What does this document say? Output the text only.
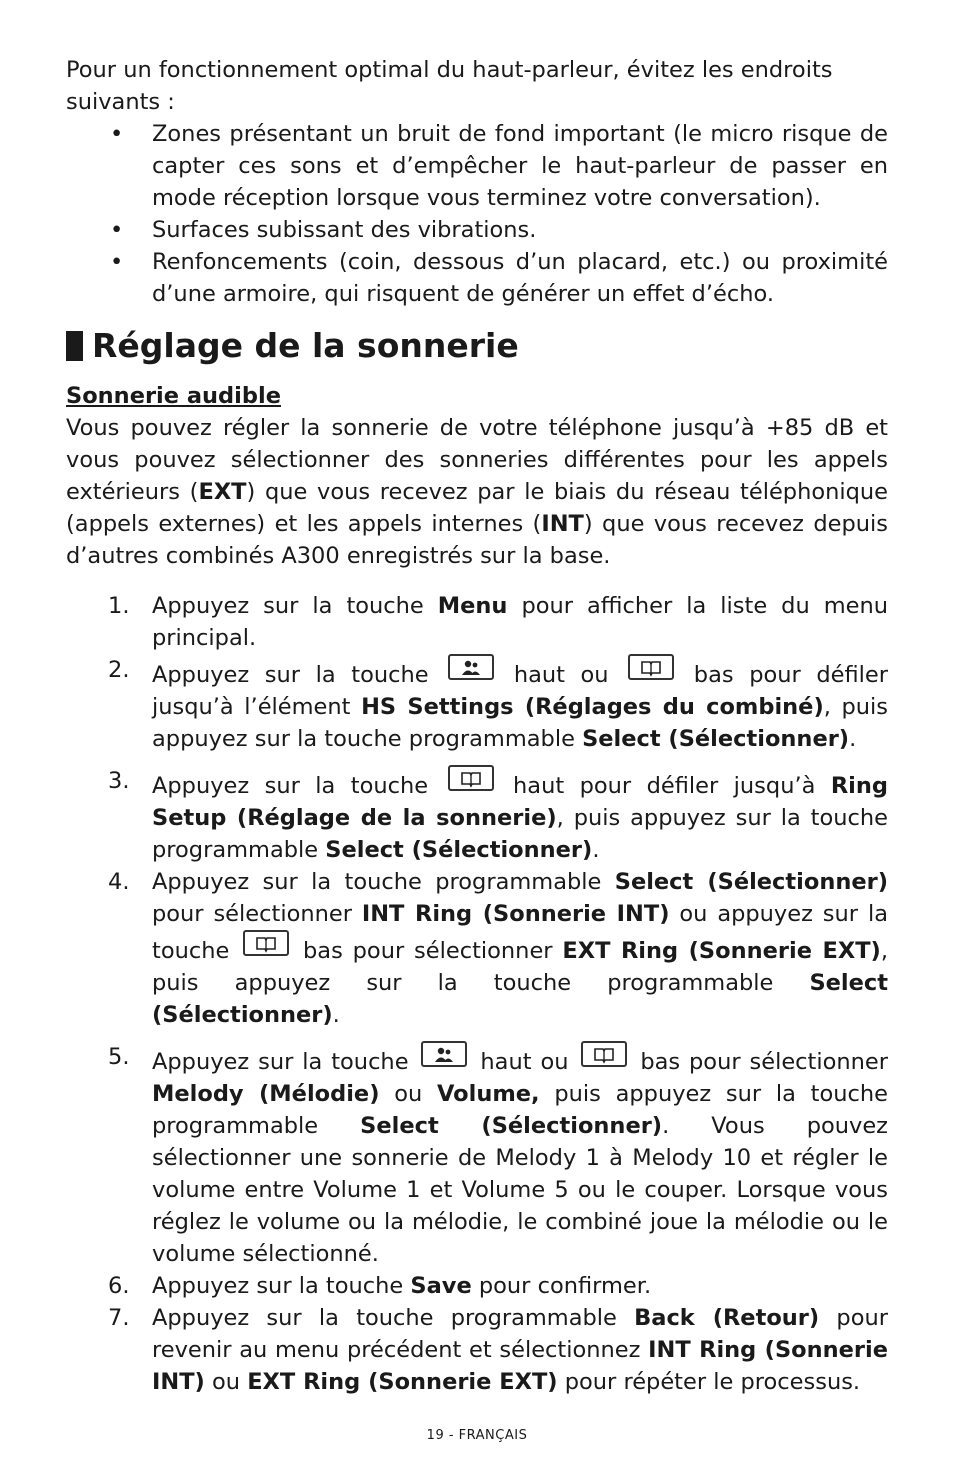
Pour un fonctionnement optimal du haut-parleur, évitez les endroits suivants :

• Zones présentant un bruit de fond important (le micro risque de capter ces sons et d’empêcher le haut-parleur de passer en mode réception lorsque vous terminez votre conversation).
• Surfaces subissant des vibrations.
• Renfoncements (coin, dessous d’un placard, etc.) ou proximité d’une armoire, qui risquent de générer un effet d’écho.
Réglage de la sonnerie

Sonnerie audible

Vous pouvez régler la sonnerie de votre téléphone jusqu’à +85 dB et vous pouvez sélectionner des sonneries différentes pour les appels extérieurs (EXT) que vous recevez par le biais du réseau téléphonique (appels externes) et les appels internes (INT) que vous recevez depuis d’autres combinés A300 enregistrés sur la base.

1. Appuyez sur la touche Menu pour afficher la liste du menu principal.
2. Appuyez sur la touche	haut ou	bas pour défiler jusqu’à l’élément HS Settings (Réglages du combiné), puis appuyez sur la touche programmable Select (Sélectionner).
3. Appuyez sur la touche	haut pour défiler jusqu’à Ring Setup (Réglage de la sonnerie), puis appuyez sur la touche programmable Select (Sélectionner).
4. Appuyez sur la touche programmable Select (Sélectionner) pour sélectionner INT Ring (Sonnerie INT) ou appuyez sur la touche	bas pour sélectionner EXT Ring (Sonnerie EXT), puis appuyez sur la touche programmable Select (Sélectionner).
5. Appuyez sur la touche	haut ou	bas pour sélectionner Melody (Mélodie) ou Volume, puis appuyez sur la touche programmable Select (Sélectionner). Vous pouvez sélectionner une sonnerie de Melody 1 à Melody 10 et régler le volume entre Volume 1 et Volume 5 ou le couper. Lorsque vous réglez le volume ou la mélodie, le combiné joue la mélodie ou le volume sélectionné.
6. Appuyez sur la touche Save pour confirmer.
7. Appuyez sur la touche programmable Back (Retour) pour revenir au menu précédent et sélectionnez INT Ring (Sonnerie INT) ou EXT Ring (Sonnerie EXT) pour répéter le processus.
19 - FRANÇAIS
